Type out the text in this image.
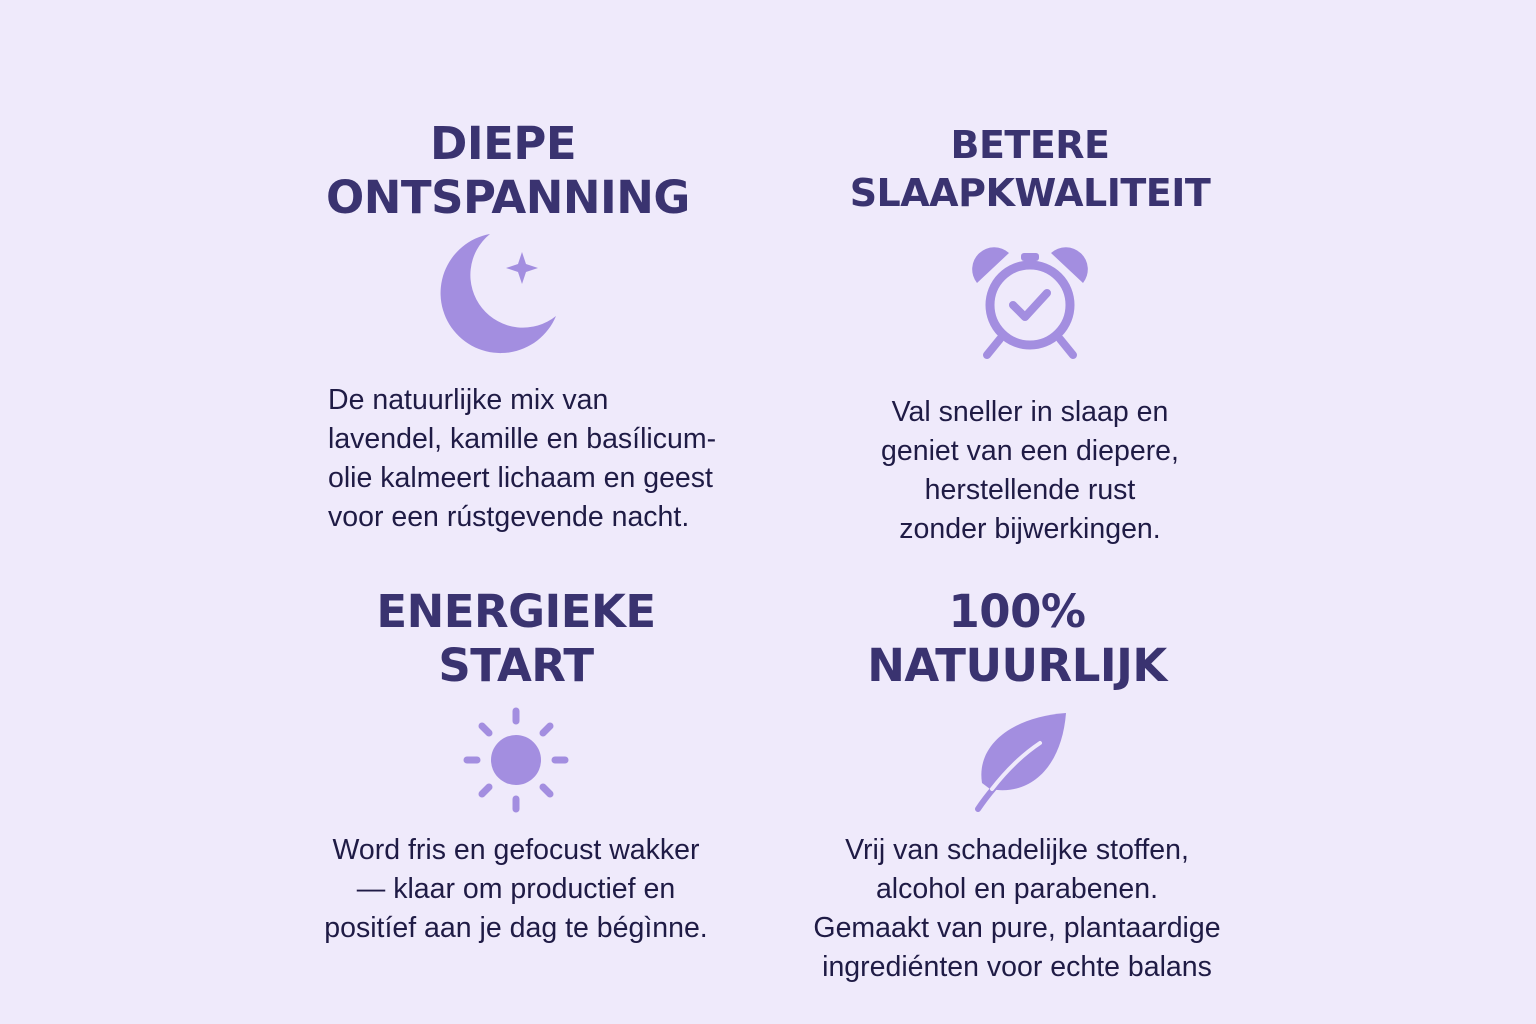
DIEPE
ONTSPANNING

De natuurlijke mix van
lavendel, kamille en basílicum-
olie kalmeert lichaam en geest
voor een rústgevende nacht.

BETERE
SLAAPKWALITEIT

Val sneller in slaap en
geniet van een diepere,
herstellende rust
zonder bijwerkingen.

ENERGIEKE
START

Word fris en gefocust wakker
— klaar om productief en
positíef aan je dag te bégìnne.

100%
NATUURLIJK

Vrij van schadelijke stoffen,
alcohol en parabenen.
Gemaakt van pure, plantaardige
ingrediénten voor echte balans
